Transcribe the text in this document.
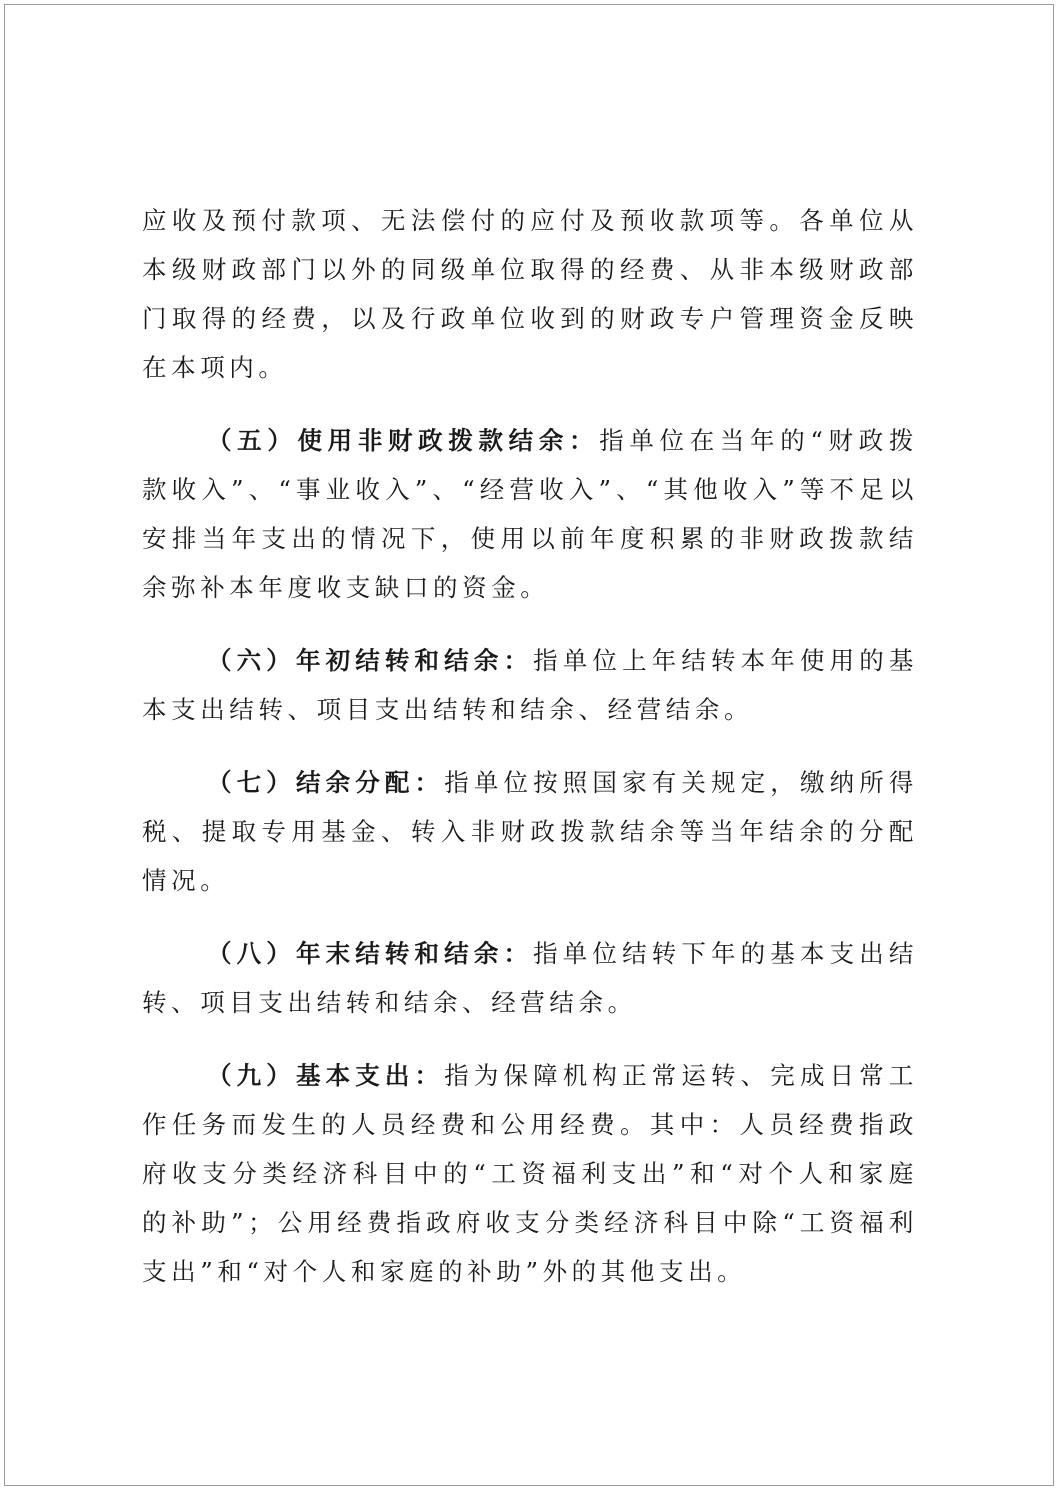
应收及预付款项、无法偿付的应付及预收款项等。各单位从本级财政部门以外的同级单位取得的经费、从非本级财政部门取得的经费，以及行政单位收到的财政专户管理资金反映在本项内。

（五）使用非财政拨款结余：指单位在当年的“财政拨款收入”、“事业收入”、“经营收入”、“其他收入”等不足以安排当年支出的情况下，使用以前年度积累的非财政拨款结余弥补本年度收支缺口的资金。

（六）年初结转和结余：指单位上年结转本年使用的基本支出结转、项目支出结转和结余、经营结余。

（七）结余分配：指单位按照国家有关规定，缴纳所得税、提取专用基金、转入非财政拨款结余等当年结余的分配情况。

（八）年末结转和结余：指单位结转下年的基本支出结转、项目支出结转和结余、经营结余。

（九）基本支出：指为保障机构正常运转、完成日常工作任务而发生的人员经费和公用经费。其中：人员经费指政府收支分类经济科目中的“工资福利支出”和“对个人和家庭的补助”；公用经费指政府收支分类经济科目中除“工资福利支出”和“对个人和家庭的补助”外的其他支出。
